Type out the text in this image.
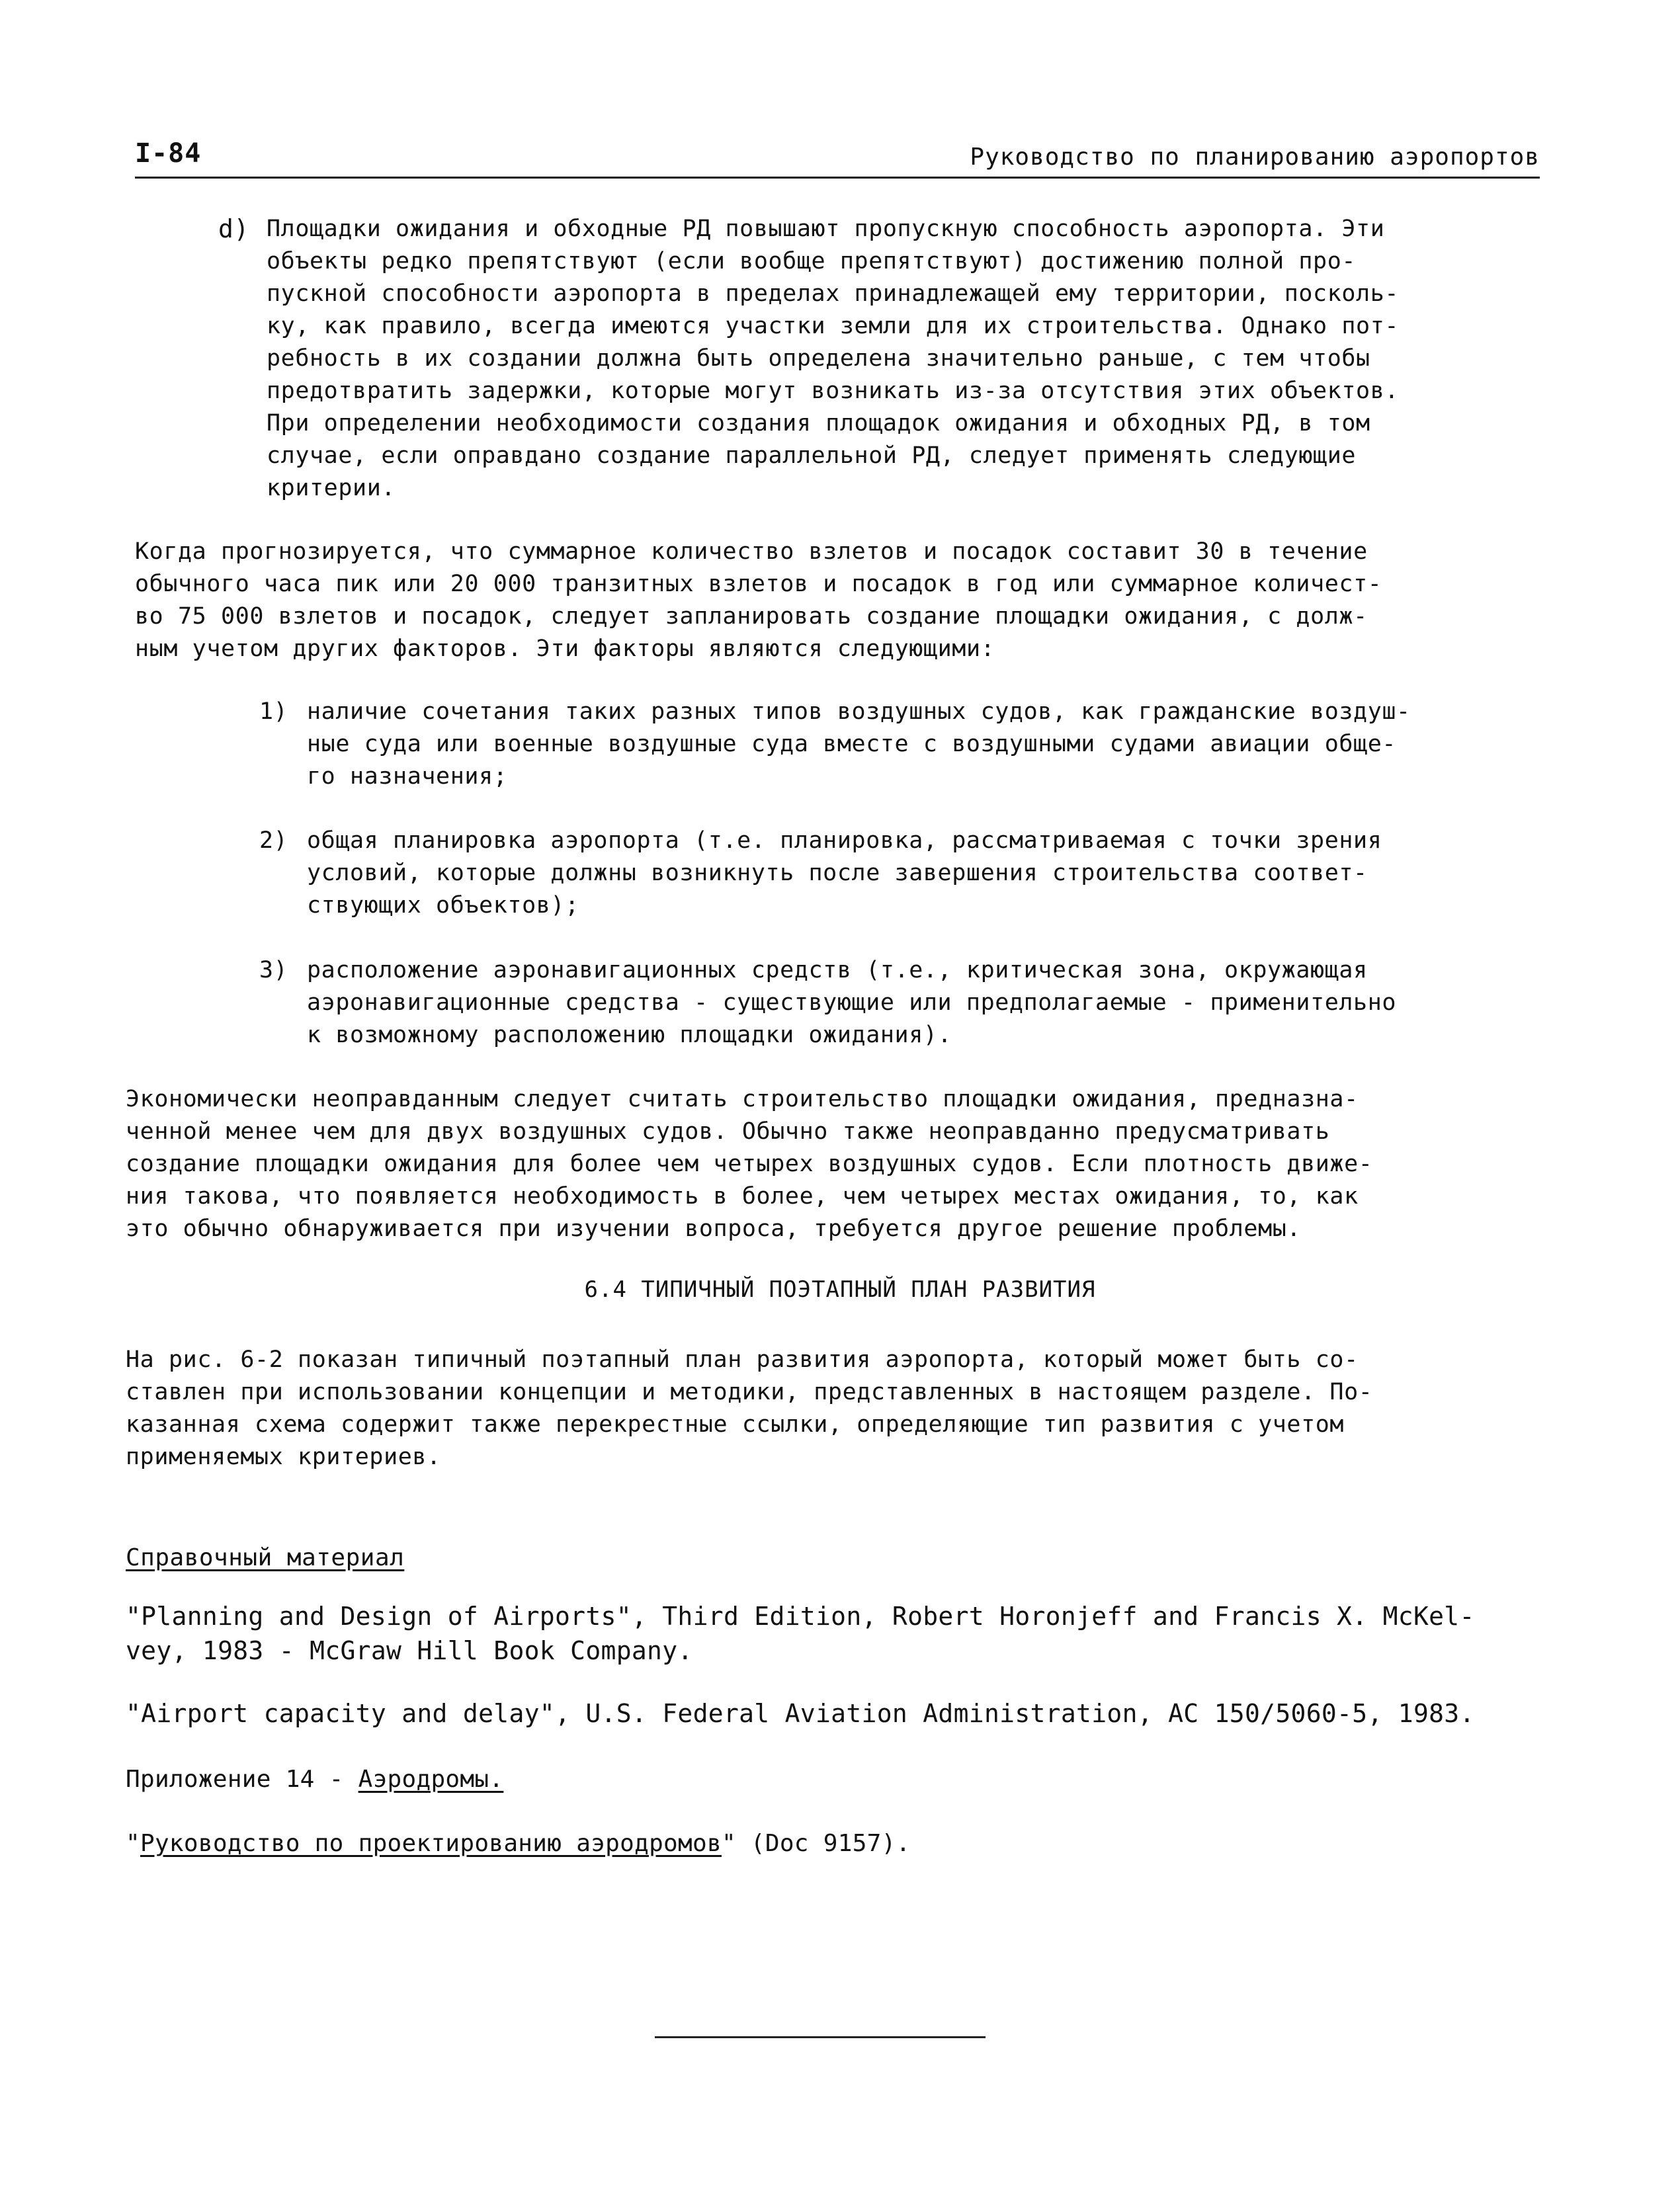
I-84	Руководство по планированию аэропортов
d) Площадки ожидания и обходные РД повышают пропускную способность аэропорта. Эти
объекты редко препятствуют (если вообще препятствуют) достижению полной про-
пускной способности аэропорта в пределах принадлежащей ему территории, посколь-
ку, как правило, всегда имеются участки земли для их строительства. Однако пот-
ребность в их создании должна быть определена значительно раньше, с тем чтобы
предотвратить задержки, которые могут возникать из-за отсутствия этих объектов.
При определении необходимости создания площадок ожидания и обходных РД, в том
случае, если оправдано создание параллельной РД, следует применять следующие
критерии.
Когда прогнозируется, что суммарное количество взлетов и посадок составит 30 в течение
обычного часа пик или 20 000 транзитных взлетов и посадок в год или суммарное количест-
во 75 000 взлетов и посадок, следует запланировать создание площадки ожидания, с долж-
ным учетом других факторов. Эти факторы являются следующими:
1) наличие сочетания таких разных типов воздушных судов, как гражданские воздуш-
ные суда или военные воздушные суда вместе с воздушными судами авиации обще-
го назначения;
2) общая планировка аэропорта (т.е. планировка, рассматриваемая с точки зрения
условий, которые должны возникнуть после завершения строительства соответ-
ствующих объектов);
3) расположение аэронавигационных средств (т.е., критическая зона, окружающая
аэронавигационные средства - существующие или предполагаемые - применительно
к возможному расположению площадки ожидания).
Экономически неоправданным следует считать строительство площадки ожидания, предназна-
ченной менее чем для двух воздушных судов. Обычно также неоправданно предусматривать
создание площадки ожидания для более чем четырех воздушных судов. Если плотность движе-
ния такова, что появляется необходимость в более, чем четырех местах ожидания, то, как
это обычно обнаруживается при изучении вопроса, требуется другое решение проблемы.
6.4 ТИПИЧНЫЙ ПОЭТАПНЫЙ ПЛАН РАЗВИТИЯ
На рис. 6-2 показан типичный поэтапный план развития аэропорта, который может быть со-
ставлен при использовании концепции и методики, представленных в настоящем разделе. По-
казанная схема содержит также перекрестные ссылки, определяющие тип развития с учетом
применяемых критериев.
Справочный материал
"Planning and Design of Airports", Third Edition, Robert Horonjeff and Francis X. McKel-
vey, 1983 - McGraw Hill Book Company.
"Airport capacity and delay", U.S. Federal Aviation Administration, AC 150/5060-5, 1983.
Приложение 14 - Аэродромы.
"Руководство по проектированию аэродромов" (Doc 9157).
